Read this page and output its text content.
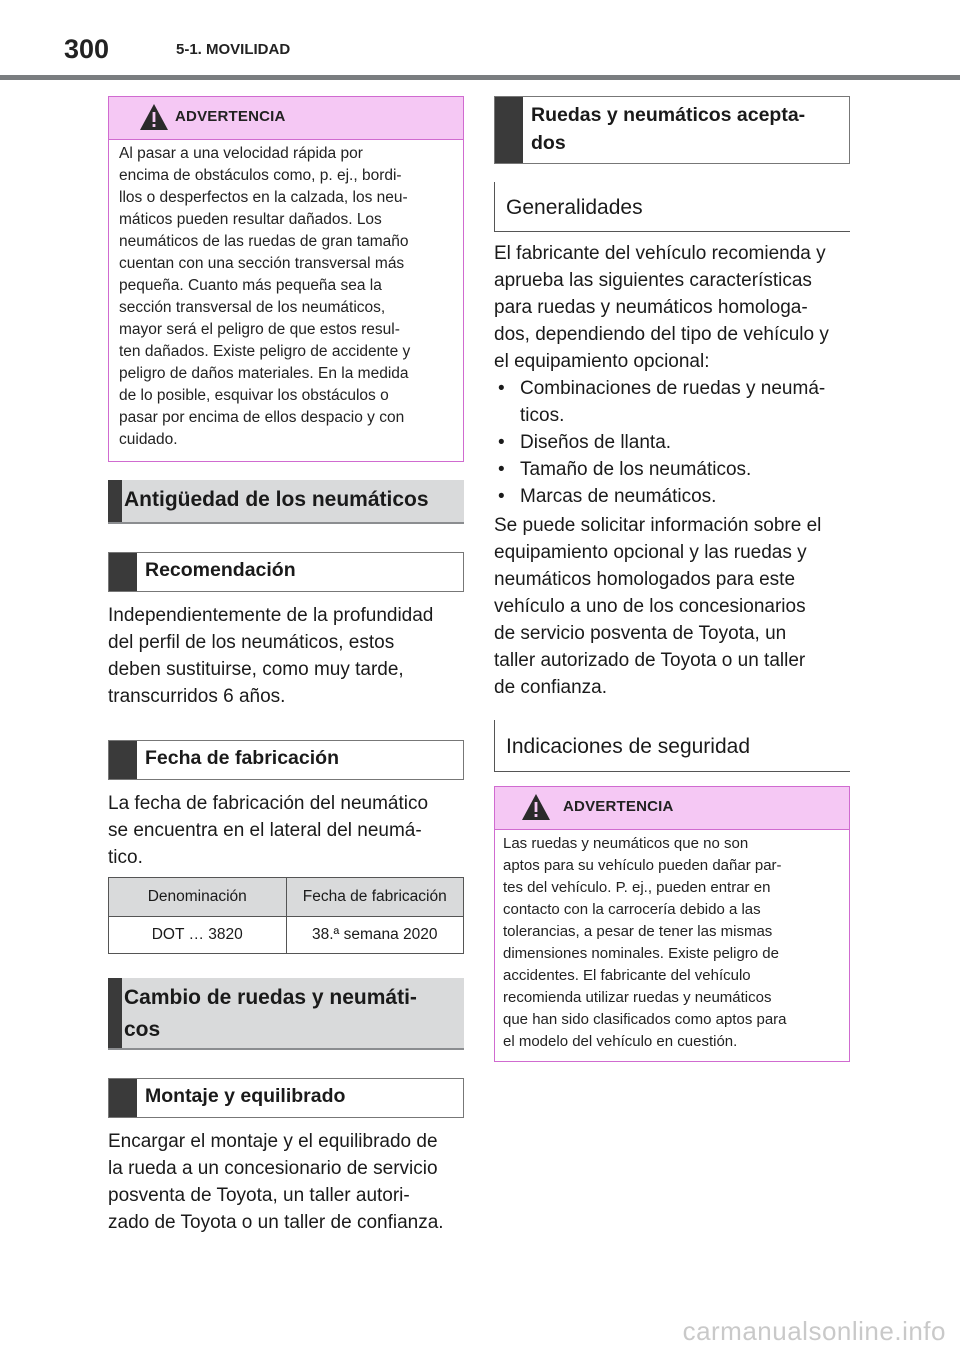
300	5-1. MOVILIDAD
ADVERTENCIA
Al pasar a una velocidad rápida por
encima de obstáculos como, p. ej., bordi-
llos o desperfectos en la calzada, los neu-
máticos pueden resultar dañados. Los
neumáticos de las ruedas de gran tamaño
cuentan con una sección transversal más
pequeña. Cuanto más pequeña sea la
sección transversal de los neumáticos,
mayor será el peligro de que estos resul-
ten dañados. Existe peligro de accidente y
peligro de daños materiales. En la medida
de lo posible, esquivar los obstáculos o
pasar por encima de ellos despacio y con
cuidado.
Antigüedad de los neumáticos
Recomendación
Independientemente de la profundidad
del perfil de los neumáticos, estos
deben sustituirse, como muy tarde,
transcurridos 6 años.
Fecha de fabricación
La fecha de fabricación del neumático
se encuentra en el lateral del neumá-
tico.
Denominación	Fecha de fabricación
DOT … 3820	38.ª semana 2020
Cambio de ruedas y neumáti-
cos
Montaje y equilibrado
Encargar el montaje y el equilibrado de
la rueda a un concesionario de servicio
posventa de Toyota, un taller autori-
zado de Toyota o un taller de confianza.
Ruedas y neumáticos acepta-
dos
Generalidades
El fabricante del vehículo recomienda y
aprueba las siguientes características
para ruedas y neumáticos homologa-
dos, dependiendo del tipo de vehículo y
el equipamiento opcional:
• Combinaciones de ruedas y neumá-
ticos.
• Diseños de llanta.
• Tamaño de los neumáticos.
• Marcas de neumáticos.
Se puede solicitar información sobre el
equipamiento opcional y las ruedas y
neumáticos homologados para este
vehículo a uno de los concesionarios
de servicio posventa de Toyota, un
taller autorizado de Toyota o un taller
de confianza.
Indicaciones de seguridad
ADVERTENCIA
Las ruedas y neumáticos que no son
aptos para su vehículo pueden dañar par-
tes del vehículo. P. ej., pueden entrar en
contacto con la carrocería debido a las
tolerancias, a pesar de tener las mismas
dimensiones nominales. Existe peligro de
accidentes. El fabricante del vehículo
recomienda utilizar ruedas y neumáticos
que han sido clasificados como aptos para
el modelo del vehículo en cuestión.
carmanualsonline.info
